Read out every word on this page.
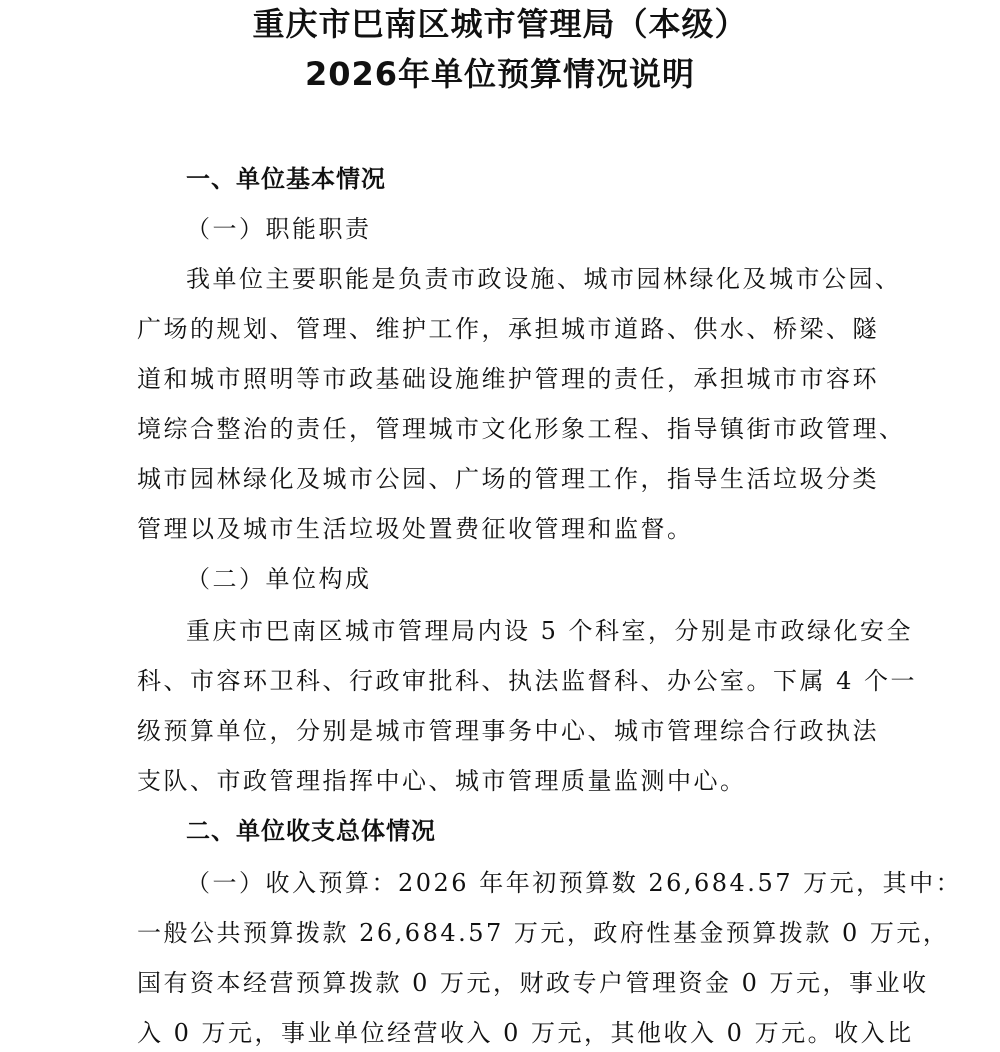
重庆市巴南区城市管理局（本级）
2026年单位预算情况说明
一、单位基本情况
（一）职能职责
我单位主要职能是负责市政设施、城市园林绿化及城市公园、
广场的规划、管理、维护工作，承担城市道路、供水、桥梁、隧
道和城市照明等市政基础设施维护管理的责任，承担城市市容环
境综合整治的责任，管理城市文化形象工程、指导镇街市政管理、
城市园林绿化及城市公园、广场的管理工作，指导生活垃圾分类
管理以及城市生活垃圾处置费征收管理和监督。
（二）单位构成
重庆市巴南区城市管理局内设 5 个科室，分别是市政绿化安全
科、市容环卫科、行政审批科、执法监督科、办公室。下属 4 个一
级预算单位，分别是城市管理事务中心、城市管理综合行政执法
支队、市政管理指挥中心、城市管理质量监测中心。
二、单位收支总体情况
（一）收入预算：2026 年年初预算数 26,684.57 万元，其中：
一般公共预算拨款 26,684.57 万元，政府性基金预算拨款 0 万元，
国有资本经营预算拨款 0 万元，财政专户管理资金 0 万元，事业收
入 0 万元，事业单位经营收入 0 万元，其他收入 0 万元。收入比
